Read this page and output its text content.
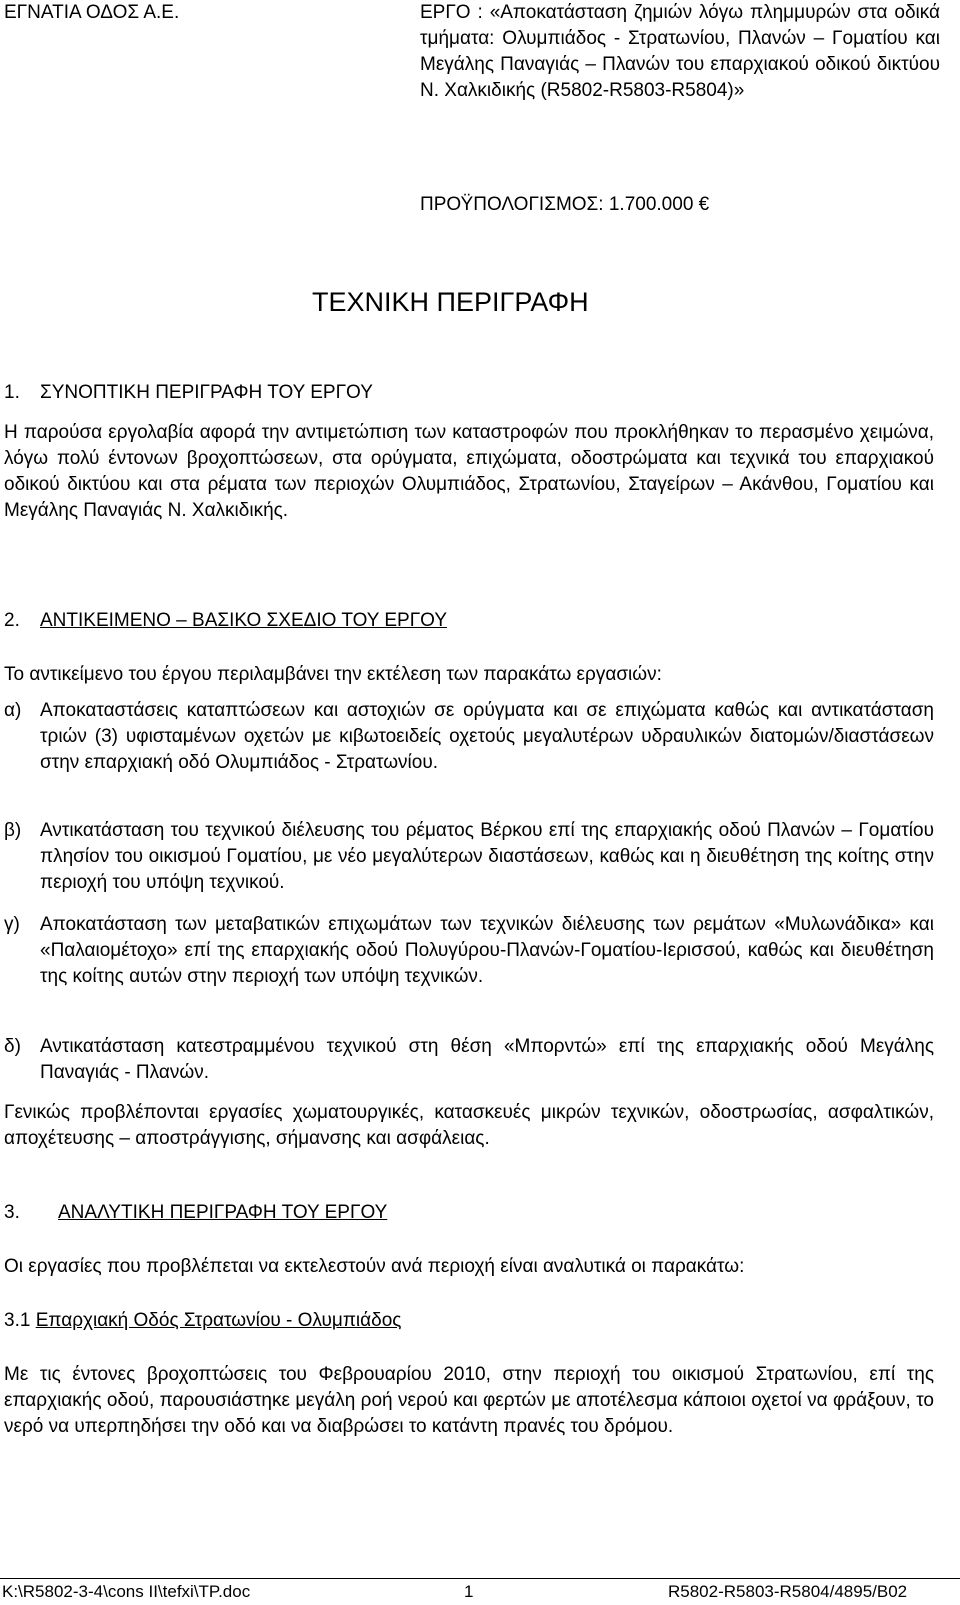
ΕΓΝΑΤΙΑ ΟΔΟΣ Α.Ε.	ΕΡΓΟ : «Αποκατάσταση ζημιών λόγω πλημμυρών στα οδικά τμήματα: Ολυμπιάδος - Στρατωνίου, Πλανών – Γοματίου και Μεγάλης Παναγιάς – Πλανών του επαρχιακού οδικού δικτύου Ν. Χαλκιδικής (R5802-R5803-R5804)»
ΠΡΟΫΠΟΛΟΓΙΣΜΟΣ: 1.700.000 €
ΤΕΧΝΙΚΗ ΠΕΡΙΓΡΑΦΗ
1. ΣΥΝΟΠΤΙΚΗ ΠΕΡΙΓΡΑΦΗ ΤΟΥ ΕΡΓΟΥ
Η παρούσα εργολαβία αφορά την αντιμετώπιση των καταστροφών που προκλήθηκαν το περασμένο χειμώνα, λόγω πολύ έντονων βροχοπτώσεων, στα ορύγματα, επιχώματα, οδοστρώματα και τεχνικά του επαρχιακού οδικού δικτύου και στα ρέματα των περιοχών Ολυμπιάδος, Στρατωνίου, Σταγείρων – Ακάνθου, Γοματίου και Μεγάλης Παναγιάς Ν. Χαλκιδικής.
2. ΑΝΤΙΚΕΙΜΕΝΟ – ΒΑΣΙΚΟ ΣΧΕΔΙΟ ΤΟΥ ΕΡΓΟΥ
Το αντικείμενο του έργου περιλαμβάνει την εκτέλεση των παρακάτω εργασιών:
α) Αποκαταστάσεις καταπτώσεων και αστοχιών σε ορύγματα και σε επιχώματα καθώς και αντικατάσταση τριών (3) υφισταμένων οχετών με κιβωτοειδείς οχετούς μεγαλυτέρων υδραυλικών διατομών/διαστάσεων στην επαρχιακή οδό Ολυμπιάδος - Στρατωνίου.
β) Αντικατάσταση του τεχνικού διέλευσης του ρέματος Βέρκου επί της επαρχιακής οδού Πλανών – Γοματίου πλησίον του οικισμού Γοματίου, με νέο μεγαλύτερων διαστάσεων, καθώς και η διευθέτηση της κοίτης στην περιοχή του υπόψη τεχνικού.
γ)	Αποκατάσταση των μεταβατικών επιχωμάτων των τεχνικών διέλευσης των ρεμάτων «Μυλωνάδικα» και «Παλαιομέτοχο» επί της επαρχιακής οδού Πολυγύρου-Πλανών-Γοματίου-Ιερισσού, καθώς και διευθέτηση της κοίτης αυτών στην περιοχή των υπόψη τεχνικών.
δ)	Αντικατάσταση κατεστραμμένου τεχνικού στη θέση «Μπορντώ» επί της επαρχιακής οδού Μεγάλης Παναγιάς - Πλανών.
Γενικώς προβλέπονται εργασίες χωματουργικές, κατασκευές μικρών τεχνικών, οδοστρωσίας, ασφαλτικών, αποχέτευσης – αποστράγγισης, σήμανσης και ασφάλειας.
3. ΑΝΑΛΥΤΙΚΗ ΠΕΡΙΓΡΑΦΗ ΤΟΥ ΕΡΓΟΥ
Οι εργασίες που προβλέπεται να εκτελεστούν ανά περιοχή είναι αναλυτικά οι παρακάτω:
3.1 Επαρχιακή Οδός Στρατωνίου - Ολυμπιάδος
Με τις έντονες βροχοπτώσεις του Φεβρουαρίου 2010, στην περιοχή του οικισμού Στρατωνίου, επί της επαρχιακής οδού, παρουσιάστηκε μεγάλη ροή νερού και φερτών με αποτέλεσμα κάποιοι οχετοί να φράξουν, το νερό να υπερπηδήσει την οδό και να διαβρώσει το κατάντη πρανές του δρόμου.
K:\R5802-3-4\cons II\tefxi\TP.doc	1	R5802-R5803-R5804/4895/B02
